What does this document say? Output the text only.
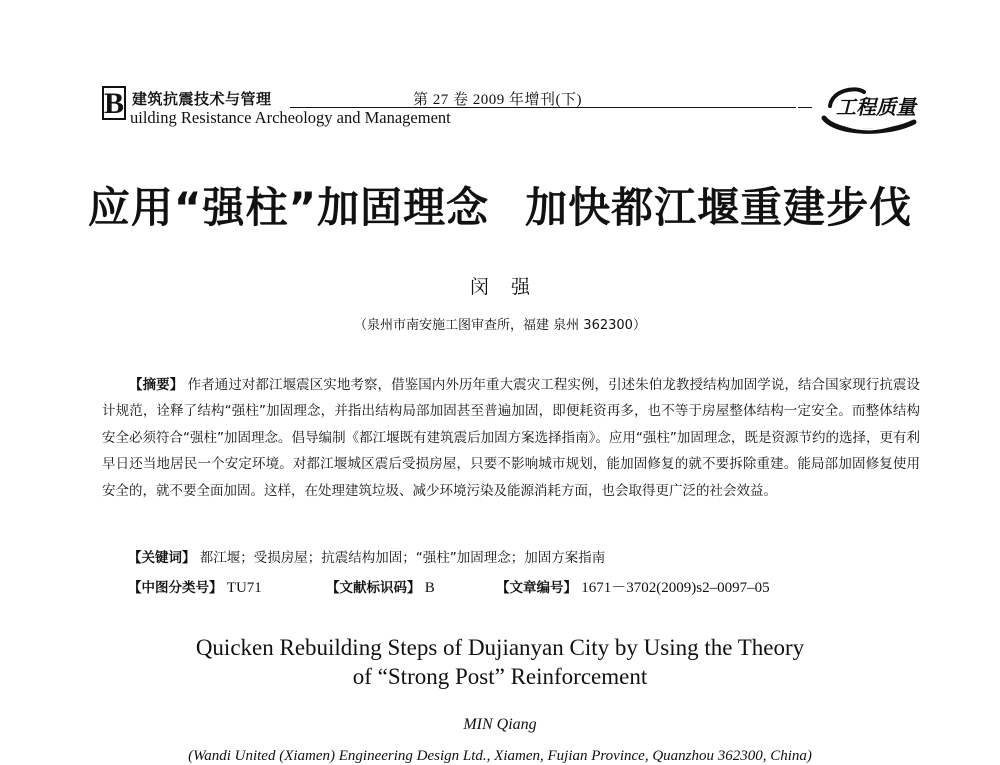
B 建筑抗震技术与管理
uilding Resistance Archeology and Management
第 27 卷 2009 年增刊(下)	工程质量
应用“强柱”加固理念 加快都江堰重建步伐
闵强
（泉州市南安施工图审查所，福建 泉州 362300）
【摘要】 作者通过对都江堰震区实地考察，借鉴国内外历年重大震灾工程实例，引述朱伯龙教授结构加固学说，结合国家现行抗震设计规范，诠释了结构“强柱”加固理念，并指出结构局部加固甚至普遍加固，即便耗资再多，也不等于房屋整体结构一定安全。而整体结构安全必须符合“强柱”加固理念。倡导编制《都江堰既有建筑震后加固方案选择指南》。应用“强柱”加固理念，既是资源节约的选择，更有利早日还当地居民一个安定环境。对都江堰城区震后受损房屋，只要不影响城市规划，能加固修复的就不要拆除重建。能局部加固修复使用安全的，就不要全面加固。这样，在处理建筑垃圾、减少环境污染及能源消耗方面，也会取得更广泛的社会效益。
【关键词】 都江堰；受损房屋；抗震结构加固；“强柱”加固理念；加固方案指南
【中图分类号】 TU71	【文献标识码】 B	【文章编号】 1671－3702(2009)s2–0097–05
Quicken Rebuilding Steps of Dujianyan City by Using the Theory
of “Strong Post” Reinforcement
MIN Qiang
(Wandi United (Xiamen) Engineering Design Ltd., Xiamen, Fujian Province, Quanzhou 362300, China)
